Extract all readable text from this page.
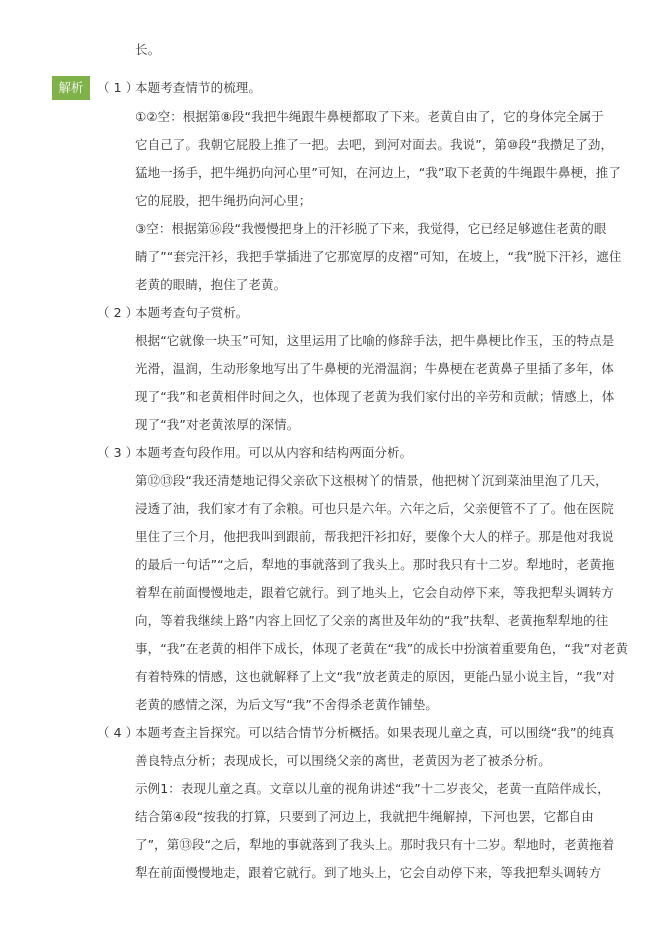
长。
解析	（ 1 ）
本题考查情节的梳理。
①②空：根据第⑧段“我把牛绳跟牛鼻梗都取了下来。老黄自由了，它的身体完全属于
它自己了。我朝它屁股上推了一把。去吧，到河对面去。我说”，第⑩段“我攒足了劲，
猛地一扬手，把牛绳扔向河心里”可知，在河边上，“我”取下老黄的牛绳跟牛鼻梗，推了
它的屁股，把牛绳扔向河心里；
③空：根据第⑯段“我慢慢把身上的汗衫脱了下来，我觉得，它已经足够遮住老黄的眼
睛了”“套完汗衫，我把手掌插进了它那宽厚的皮褶”可知，在坡上，“我”脱下汗衫，遮住
老黄的眼睛，抱住了老黄。
（ 2 ）
本题考查句子赏析。
根据“它就像一块玉”可知，这里运用了比喻的修辞手法，把牛鼻梗比作玉，玉的特点是
光滑，温润，生动形象地写出了牛鼻梗的光滑温润；牛鼻梗在老黄鼻子里插了多年，体
现了“我”和老黄相伴时间之久，也体现了老黄为我们家付出的辛劳和贡献；情感上，体
现了“我”对老黄浓厚的深情。
（ 3 ）
本题考查句段作用。可以从内容和结构两面分析。
第⑫⑬段“我还清楚地记得父亲砍下这根树丫的情景，他把树丫沉到菜油里泡了几天，
浸透了油，我们家才有了余粮。可也只是六年。六年之后，父亲便管不了了。他在医院
里住了三个月，他把我叫到跟前，帮我把汗衫扣好，要像个大人的样子。那是他对我说
的最后一句话”“之后，犁地的事就落到了我头上。那时我只有十二岁。犁地时，老黄拖
着犁在前面慢慢地走，跟着它就行。到了地头上，它会自动停下来，等我把犁头调转方
向，等着我继续上路”内容上回忆了父亲的离世及年幼的“我”扶犁、老黄拖犁犁地的往
事，“我”在老黄的相伴下成长，体现了老黄在“我”的成长中扮演着重要角色，“我”对老黄
有着特殊的情感，这也就解释了上文“我”放老黄走的原因，更能凸显小说主旨，“我”对
老黄的感情之深，为后文写“我”不舍得杀老黄作铺垫。
（ 4 ）
本题考查主旨探究。可以结合情节分析概括。如果表现儿童之真，可以围绕“我”的纯真
善良特点分析；表现成长，可以围绕父亲的离世，老黄因为老了被杀分析。
示例1：表现儿童之真。文章以儿童的视角讲述“我”十二岁丧父，老黄一直陪伴成长，
结合第④段“按我的打算，只要到了河边上，我就把牛绳解掉，下河也罢，它都自由
了”，第⑬段“之后，犁地的事就落到了我头上。那时我只有十二岁。犁地时，老黄拖着
犁在前面慢慢地走，跟着它就行。到了地头上，它会自动停下来，等我把犁头调转方
